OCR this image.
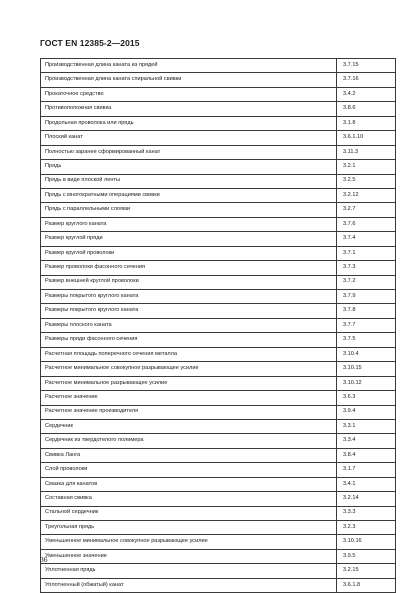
ГОСТ EN 12385-2—2015
Производственная длина каната из прядей	3.7.15
Производственная длина каната спиральной свивки	3.7.16
Прокаточное средство	3.4.2
Противоположная свивка	3.8.6
Продольная проволока или прядь	3.1.8
Плоский канат	3.6.1.10
Полностью заранее сформированный канат	3.11.3
Прядь	3.2.1
Прядь в виде плоской ленты	3.2.5
Прядь с многократными операциями свивки	3.2.12
Прядь с параллельными слоями	3.2.7
Размер круглого каната	3.7.6
Размер круглой пряди	3.7.4
Размер круглой проволоки	3.7.1
Размер проволоки фасонного сечения	3.7.3
Размер внешней круглой проволоки	3.7.2
Размеры покрытого круглого каната	3.7.9
Размеры покрытого круглого каната	3.7.8
Размеры плоского каната	3.7.7
Размеры пряди фасонного сечения	3.7.5
Расчетная площадь поперечного сечения металла	3.10.4
Расчетное минимальное совокупное разрывающее усилие	3.10.15
Расчетное минимальное разрывающее усилие	3.10.12
Расчетное значение	3.6.3
Расчетное значение производителя	3.9.4
Сердечник	3.3.1
Сердечник из твердотелого полимера	3.3.4
Свивка Ланга	3.8.4
Слой проволоки	3.1.7
Смазка для канатов	3.4.1
Составная свивка	3.2.14
Стальной сердечник	3.3.3
Треугольная прядь	3.2.3
Уменьшенное минимальное совокупное разрывающее усилие	3.10.16
Уменьшенное значение	3.9.5
Уплотненная прядь	3.2.15
Уплотненный (обжатый) канат	3.6.1.8
36
